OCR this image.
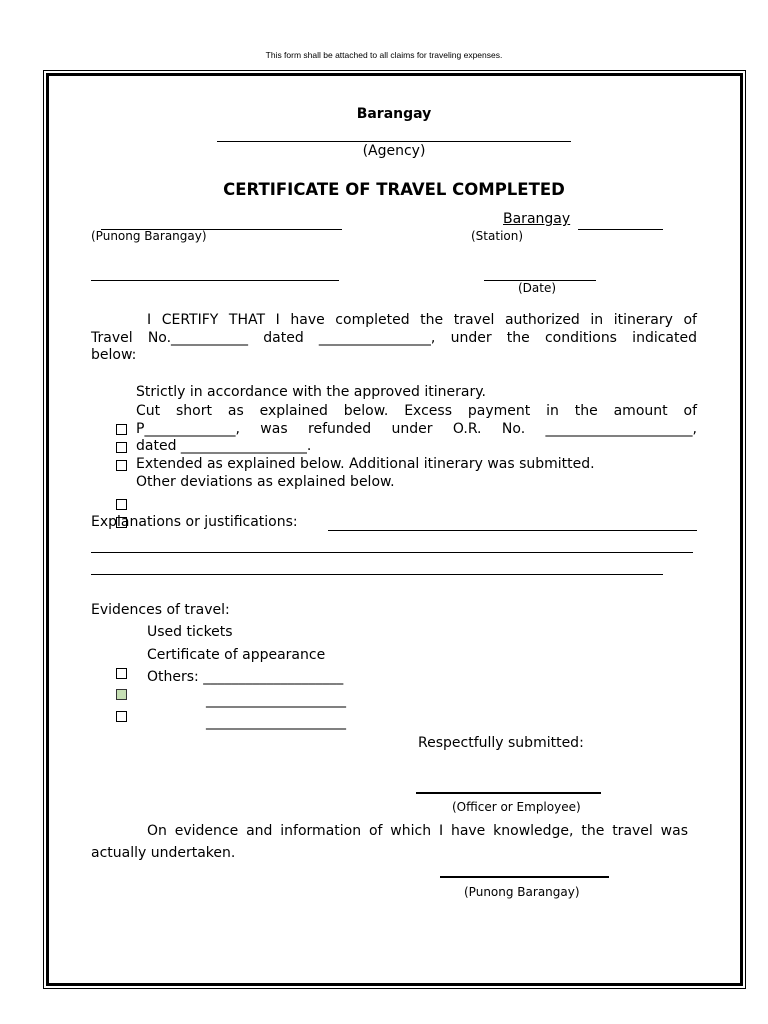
This form shall be attached to all claims for traveling expenses.
Barangay
(Agency)
CERTIFICATE OF TRAVEL COMPLETED
(Punong Barangay)
Barangay
(Station)
(Date)
I CERTIFY THAT I have completed the travel authorized in itinerary of
Travel No.___________ dated ________________, under the conditions indicated
below:
Strictly in accordance with the approved itinerary.
Cut short as explained below. Excess payment in the amount of
P_____________, was refunded under O.R. No. _____________________,
dated __________________.
Extended as explained below. Additional itinerary was submitted.
Other deviations as explained below.
Explanations or justifications:
Evidences of travel:
Used tickets
Certificate of appearance
Others: ____________________
____________________
____________________
Respectfully submitted:
(Officer or Employee)
On evidence and information of which I have knowledge, the travel was
actually undertaken.
(Punong Barangay)
